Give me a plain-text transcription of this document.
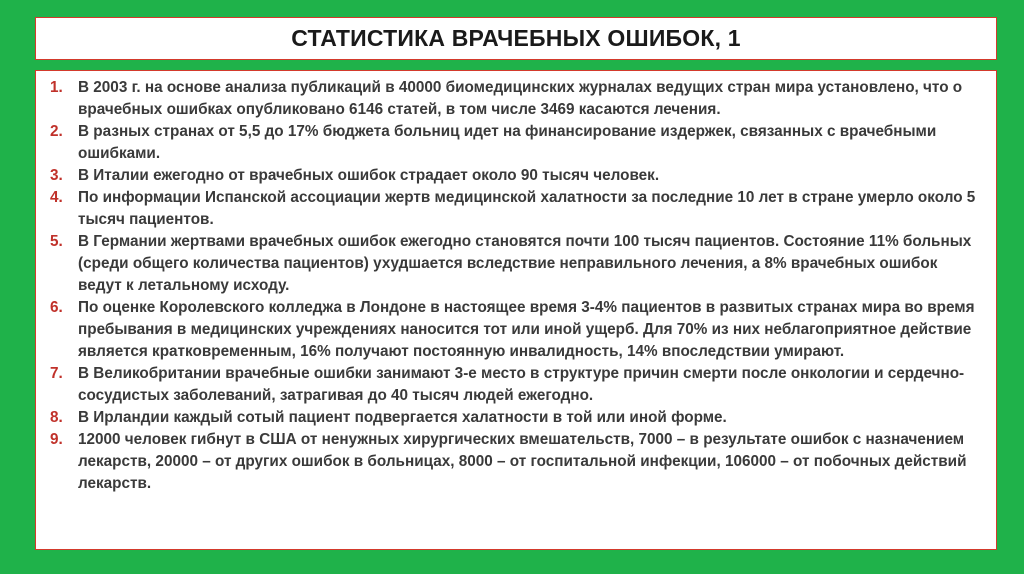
СТАТИСТИКА ВРАЧЕБНЫХ ОШИБОК, 1
1. В 2003 г. на основе анализа публикаций в 40000 биомедицинских журналах ведущих стран мира установлено, что о врачебных ошибках опубликовано 6146 статей, в том числе 3469 касаются лечения.
2. В разных странах от 5,5 до 17% бюджета больниц идет на финансирование издержек, связанных с врачебными ошибками.
3. В Италии ежегодно от врачебных ошибок страдает около 90 тысяч человек.
4. По информации Испанской ассоциации жертв медицинской халатности за последние 10 лет в стране умерло около 5 тысяч пациентов.
5. В Германии жертвами врачебных ошибок ежегодно становятся почти 100 тысяч пациентов. Состояние 11% больных (среди общего количества пациентов) ухудшается вследствие неправильного лечения, а 8% врачебных ошибок ведут к летальному исходу.
6. По оценке Королевского колледжа в Лондоне в настоящее время 3-4% пациентов в развитых странах мира во время пребывания в медицинских учреждениях наносится тот или иной ущерб. Для 70% из них неблагоприятное действие является кратковременным, 16% получают постоянную инвалидность, 14% впоследствии умирают.
7. В Великобритании врачебные ошибки занимают 3-е место в структуре причин смерти после онкологии и сердечно-сосудистых заболеваний, затрагивая до 40 тысяч людей ежегодно.
8. В Ирландии каждый сотый пациент подвергается халатности в той или иной форме.
9. 12000 человек гибнут в США от ненужных хирургических вмешательств, 7000 – в результате ошибок с назначением лекарств, 20000 – от других ошибок в больницах, 8000 – от госпитальной инфекции, 106000 – от побочных действий лекарств.
